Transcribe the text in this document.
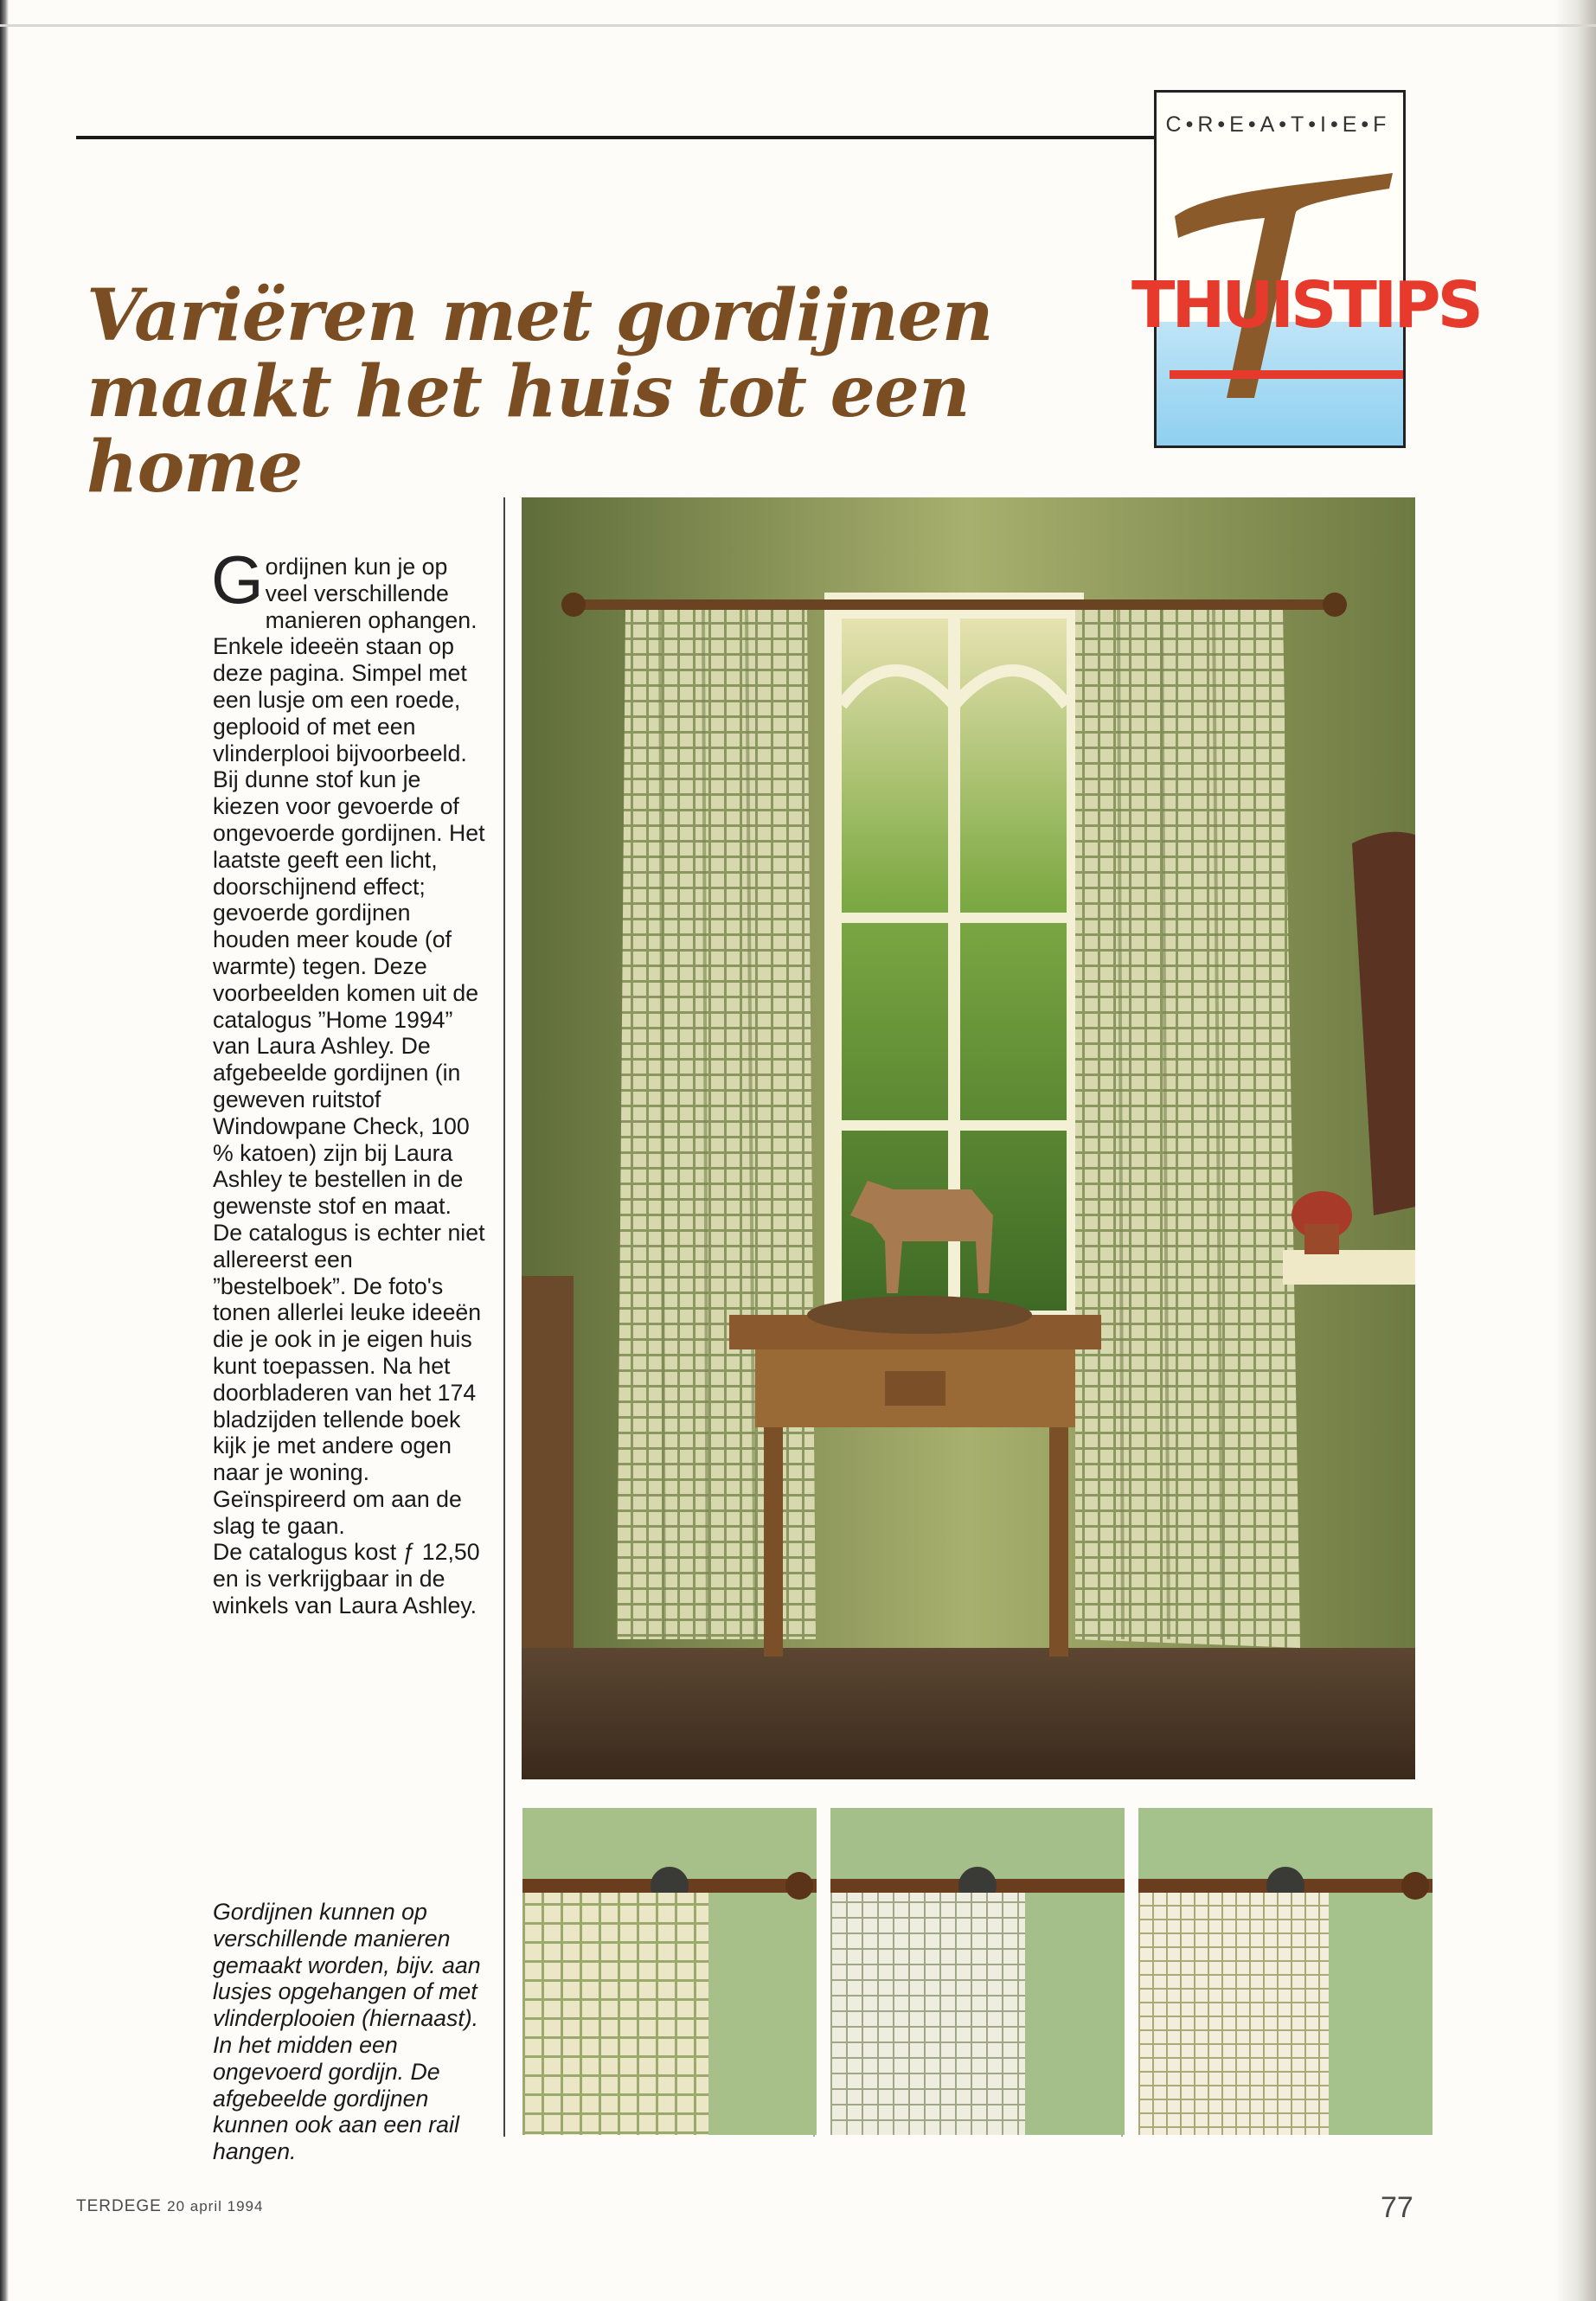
Variëren met gordijnen
maakt het huis tot een home
C•R•E•A•T•I•E•F
THUISTIPS

Gordijnen kun je op veel verschillende manieren ophangen. Enkele ideeën staan op deze pagina. Simpel met een lusje om een roede, geplooid of met een vlinderplooi bijvoorbeeld. Bij dunne stof kun je kiezen voor gevoerde of ongevoerde gordijnen. Het laatste geeft een licht, doorschijnend effect; gevoerde gordijnen houden meer koude (of warmte) tegen. Deze voorbeelden komen uit de catalogus ”Home 1994” van Laura Ashley. De afgebeelde gordijnen (in geweven ruitstof Windowpane Check, 100 % katoen) zijn bij Laura Ashley te bestellen in de gewenste stof en maat.

De catalogus is echter niet allereerst een ”bestelboek”. De foto's tonen allerlei leuke ideeën die je ook in je eigen huis kunt toepassen. Na het doorbladeren van het 174 bladzijden tellende boek kijk je met andere ogen naar je woning. Geïnspireerd om aan de slag te gaan.

De catalogus kost ƒ 12,50 en is verkrijgbaar in de winkels van Laura Ashley.

Gordijnen kunnen op verschillende manieren gemaakt worden, bijv. aan lusjes opgehangen of met vlinderplooien (hiernaast). In het midden een ongevoerd gordijn. De afgebeelde gordijnen kunnen ook aan een rail hangen.

TERDEGE 20 april 1994	77
